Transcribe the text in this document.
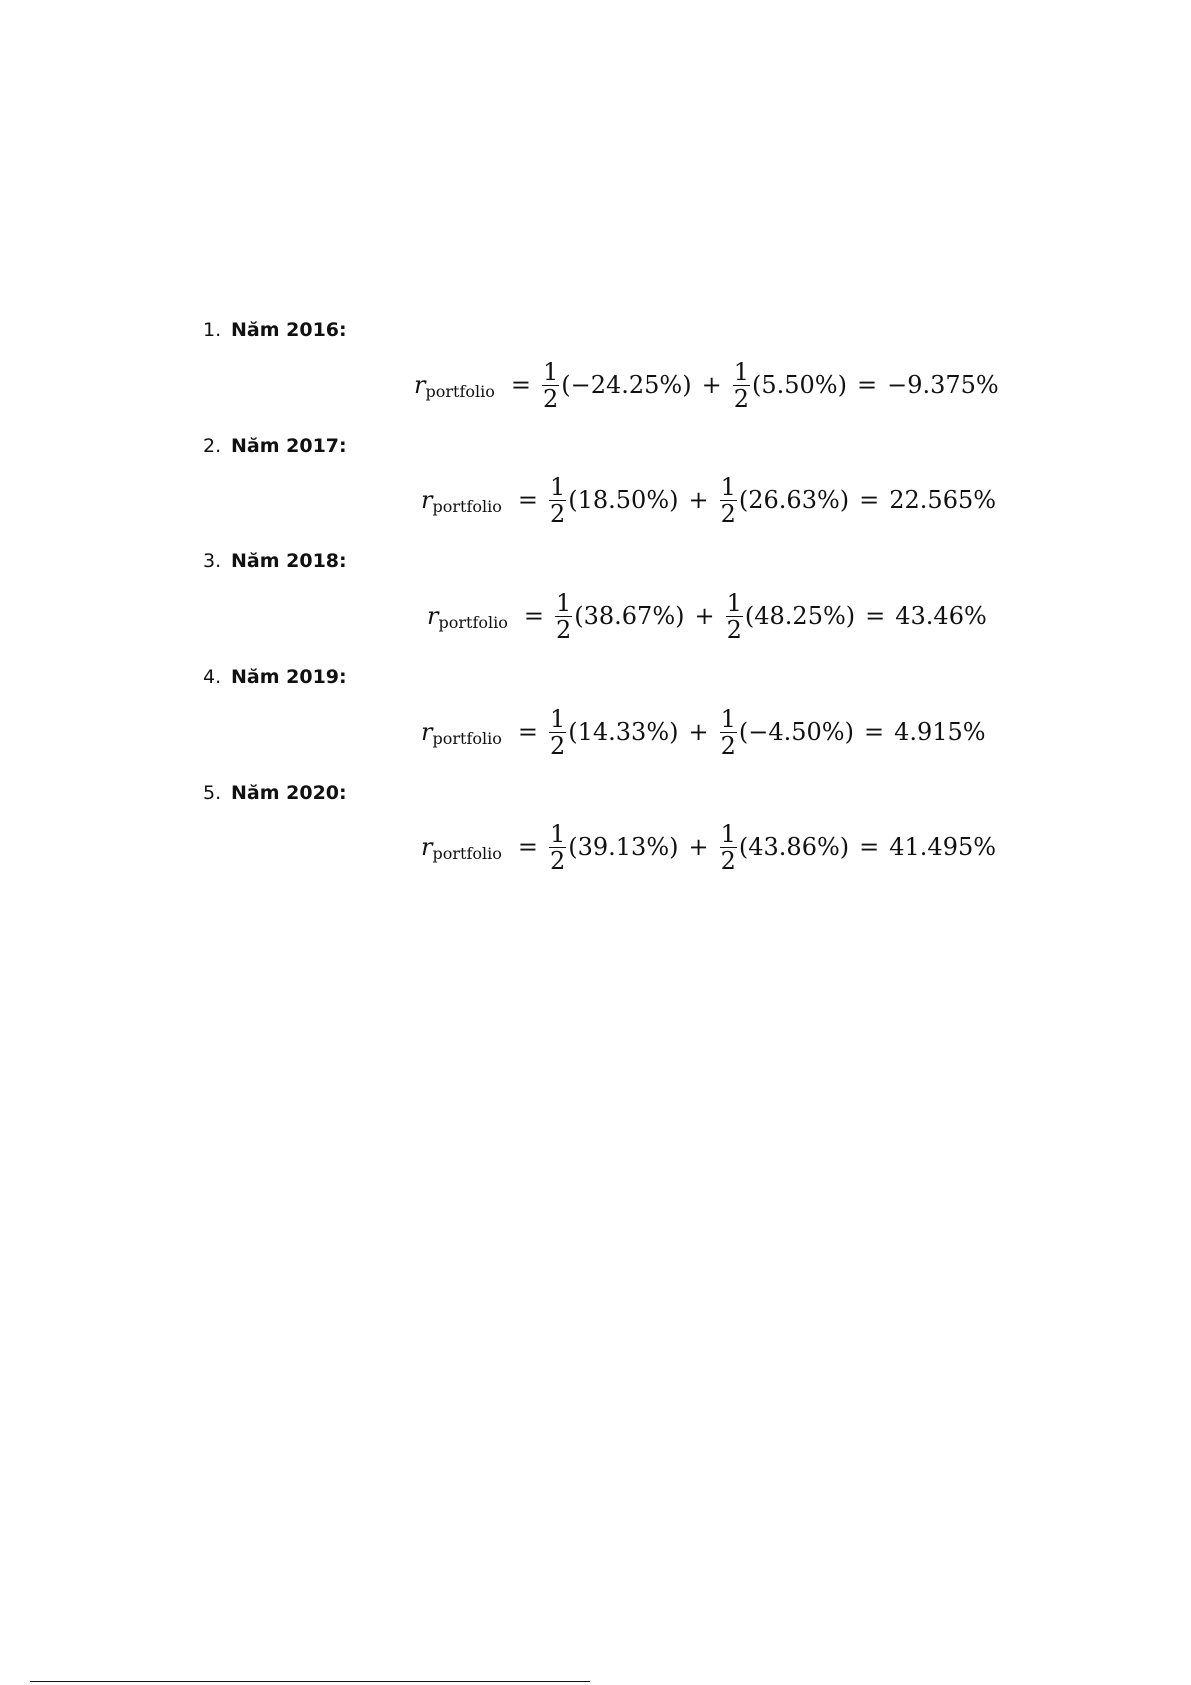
1. Năm 2016:
r portfolio = $\frac{1}{2} (-24.25\%) + \frac{1}{2} (5.50\%) = -9.375\%$
2. Năm 2017:
r portfolio = $\frac{1}{2} (18.50\%) + \frac{1}{2} (26.63\%) = 22.565\%$
3. Năm 2018:
r portfolio = $\frac{1}{2} (38.67\%) + \frac{1}{2} (48.25\%) = 43.46\%$
4. Năm 2019:
r portfolio = $\frac{1}{2} (14.33\%) + \frac{1}{2} (-4.50\%) = 4.915\%$
5. Năm 2020:
r portfolio = $\frac{1}{2} (39.13\%) + \frac{1}{2} (43.86\%) = 41.495\%$
